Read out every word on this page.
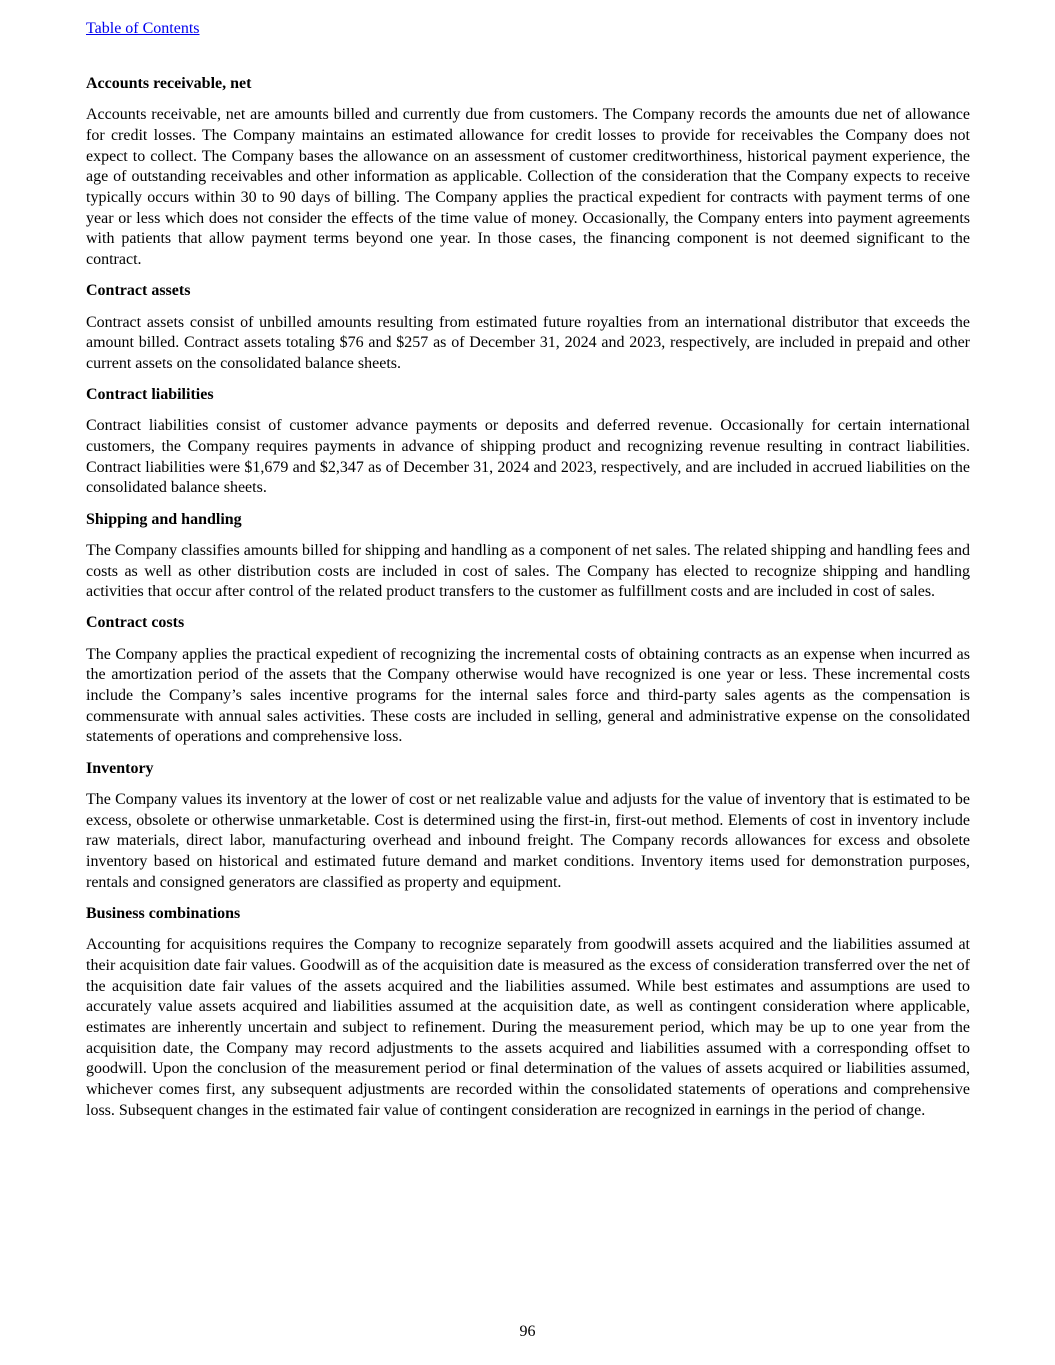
Table of Contents
Accounts receivable, net
Accounts receivable, net are amounts billed and currently due from customers. The Company records the amounts due net of allowance for credit losses. The Company maintains an estimated allowance for credit losses to provide for receivables the Company does not expect to collect. The Company bases the allowance on an assessment of customer creditworthiness, historical payment experience, the age of outstanding receivables and other information as applicable. Collection of the consideration that the Company expects to receive typically occurs within 30 to 90 days of billing. The Company applies the practical expedient for contracts with payment terms of one year or less which does not consider the effects of the time value of money. Occasionally, the Company enters into payment agreements with patients that allow payment terms beyond one year. In those cases, the financing component is not deemed significant to the contract.
Contract assets
Contract assets consist of unbilled amounts resulting from estimated future royalties from an international distributor that exceeds the amount billed. Contract assets totaling $76 and $257 as of December 31, 2024 and 2023, respectively, are included in prepaid and other current assets on the consolidated balance sheets.
Contract liabilities
Contract liabilities consist of customer advance payments or deposits and deferred revenue. Occasionally for certain international customers, the Company requires payments in advance of shipping product and recognizing revenue resulting in contract liabilities. Contract liabilities were $1,679 and $2,347 as of December 31, 2024 and 2023, respectively, and are included in accrued liabilities on the consolidated balance sheets.
Shipping and handling
The Company classifies amounts billed for shipping and handling as a component of net sales. The related shipping and handling fees and costs as well as other distribution costs are included in cost of sales. The Company has elected to recognize shipping and handling activities that occur after control of the related product transfers to the customer as fulfillment costs and are included in cost of sales.
Contract costs
The Company applies the practical expedient of recognizing the incremental costs of obtaining contracts as an expense when incurred as the amortization period of the assets that the Company otherwise would have recognized is one year or less. These incremental costs include the Company’s sales incentive programs for the internal sales force and third-party sales agents as the compensation is commensurate with annual sales activities. These costs are included in selling, general and administrative expense on the consolidated statements of operations and comprehensive loss.
Inventory
The Company values its inventory at the lower of cost or net realizable value and adjusts for the value of inventory that is estimated to be excess, obsolete or otherwise unmarketable. Cost is determined using the first-in, first-out method. Elements of cost in inventory include raw materials, direct labor, manufacturing overhead and inbound freight. The Company records allowances for excess and obsolete inventory based on historical and estimated future demand and market conditions. Inventory items used for demonstration purposes, rentals and consigned generators are classified as property and equipment.
Business combinations
Accounting for acquisitions requires the Company to recognize separately from goodwill assets acquired and the liabilities assumed at their acquisition date fair values. Goodwill as of the acquisition date is measured as the excess of consideration transferred over the net of the acquisition date fair values of the assets acquired and the liabilities assumed. While best estimates and assumptions are used to accurately value assets acquired and liabilities assumed at the acquisition date, as well as contingent consideration where applicable, estimates are inherently uncertain and subject to refinement. During the measurement period, which may be up to one year from the acquisition date, the Company may record adjustments to the assets acquired and liabilities assumed with a corresponding offset to goodwill. Upon the conclusion of the measurement period or final determination of the values of assets acquired or liabilities assumed, whichever comes first, any subsequent adjustments are recorded within the consolidated statements of operations and comprehensive loss. Subsequent changes in the estimated fair value of contingent consideration are recognized in earnings in the period of change.
96
